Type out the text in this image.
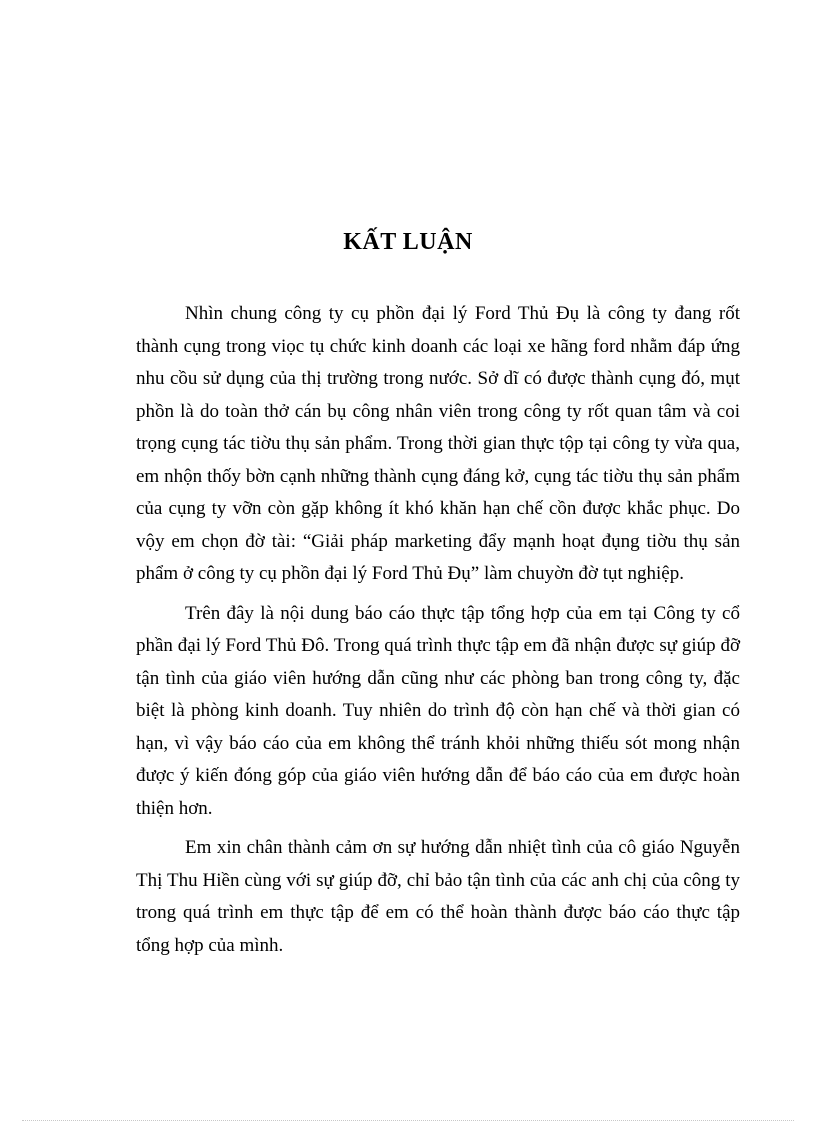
KẤT LUẬN

Nhìn chung công ty cụ phồn đại lý Ford Thủ Đụ là công ty đang rốt thành cụng trong viọc tụ chức kinh doanh các loại xe hãng ford nhằm đáp ứng nhu cồu sử dụng của thị trường trong nước. Sở dĩ có được thành cụng đó, mụt phồn là do toàn thở cán bụ công nhân viên trong công ty rốt quan tâm và coi trọng cụng tác tiờu thụ sản phẩm. Trong thời gian thực tộp tại công ty vừa qua, em nhộn thốy bờn cạnh những thành cụng đáng kở, cụng tác tiờu thụ sản phẩm của cụng ty vỡn còn gặp không ít khó khăn hạn chế cồn được khắc phục. Do vộy em chọn đờ tài: “Giải pháp marketing đẩy mạnh hoạt đụng tiờu thụ sản phẩm ở công ty cụ phồn đại lý Ford Thủ Đụ” làm chuyờn đờ tụt nghiệp.

Trên đây là nội dung báo cáo thực tập tổng hợp của em tại Công ty cổ phần đại lý Ford Thủ Đô. Trong quá trình thực tập em đã nhận được sự giúp đỡ tận tình của giáo viên hướng dẫn cũng như các phòng ban trong công ty, đặc biệt là phòng kinh doanh. Tuy nhiên do trình độ còn hạn chế và thời gian có hạn, vì vậy báo cáo của em không thể tránh khỏi những thiếu sót mong nhận được ý kiến đóng góp của giáo viên hướng dẫn để báo cáo của em được hoàn thiện hơn.

Em xin chân thành cảm ơn sự hướng dẫn nhiệt tình của cô giáo Nguyễn Thị Thu Hiền cùng với sự giúp đỡ, chỉ bảo tận tình của các anh chị của công ty trong quá trình em thực tập để em có thể hoàn thành được báo cáo thực tập tổng hợp của mình.
